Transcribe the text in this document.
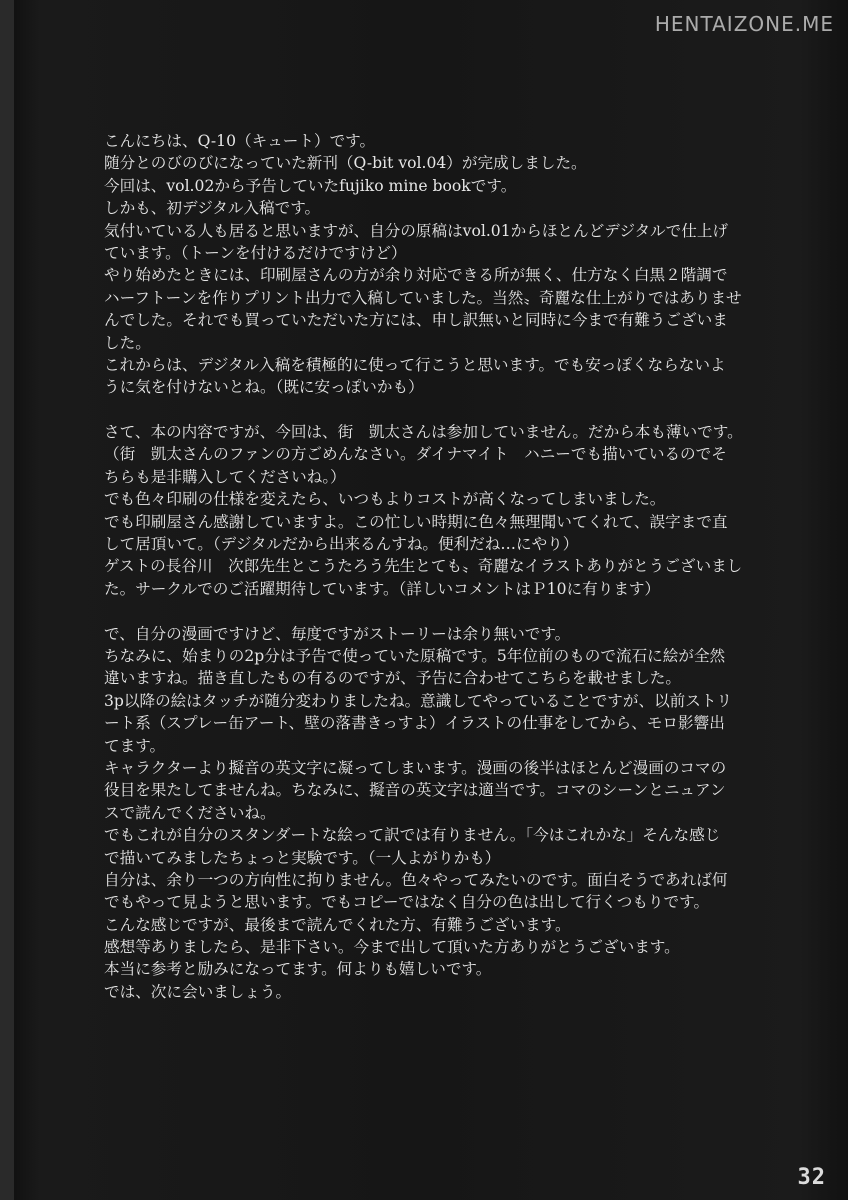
HENTAIZONE.ME
こんにちは、Q-10（キュート）です。
随分とのびのびになっていた新刊（Q-bit vol.04）が完成しました。
今回は、vol.02から予告していたfujiko mine bookです。
しかも、初デジタル入稿です。
気付いている人も居ると思いますが、自分の原稿はvol.01からほとんどデジタルで仕上げ
ています。（トーンを付けるだけですけど）
やり始めたときには、印刷屋さんの方が余り対応できる所が無く、仕方なく白黒２階調で
ハーフトーンを作りプリント出力で入稿していました。当然〟奇麗な仕上がりではありませ
んでした。それでも買っていただいた方には、申し訳無いと同時に今まで有難うございま
した。
これからは、デジタル入稿を積極的に使って行こうと思います。でも安っぽくならないよ
うに気を付けないとね。（既に安っぽいかも）
さて、本の内容ですが、今回は、街　凱太さんは参加していません。だから本も薄いです。
（街　凱太さんのファンの方ごめんなさい。ダイナマイト　ハニーでも描いているのでそ
ちらも是非購入してくださいね。）
でも色々印刷の仕様を変えたら、いつもよりコストが高くなってしまいました。
でも印刷屋さん感謝していますよ。この忙しい時期に色々無理聞いてくれて、誤字まで直
して居頂いて。（デジタルだから出来るんすね。便利だね…にやり）
ゲストの長谷川　次郎先生とこうたろう先生とても〟奇麗なイラストありがとうございまし
た。サークルでのご活躍期待しています。（詳しいコメントはＰ10に有ります）
で、自分の漫画ですけど、毎度ですがストーリーは余り無いです。
ちなみに、始まりの2p分は予告で使っていた原稿です。5年位前のもので流石に絵が全然
違いますね。描き直したもの有るのですが、予告に合わせてこちらを載せました。
3p以降の絵はタッチが随分変わりましたね。意識してやっていることですが、以前ストリ
ート系（スプレー缶アート、壁の落書きっすよ）イラストの仕事をしてから、モロ影響出
てます。
キャラクターより擬音の英文字に凝ってしまいます。漫画の後半はほとんど漫画のコマの
役目を果たしてませんね。ちなみに、擬音の英文字は適当です。コマのシーンとニュアン
スで読んでくださいね。
でもこれが自分のスタンダートな絵って訳では有りません。「今はこれかな」そんな感じ
で描いてみましたちょっと実験です。（一人よがりかも）
自分は、余り一つの方向性に拘りません。色々やってみたいのです。面白そうであれば何
でもやって見ようと思います。でもコピーではなく自分の色は出して行くつもりです。
こんな感じですが、最後まで読んでくれた方、有難うございます。
感想等ありましたら、是非下さい。今まで出して頂いた方ありがとうございます。
本当に参考と励みになってます。何よりも嬉しいです。
では、次に会いましょう。
32
